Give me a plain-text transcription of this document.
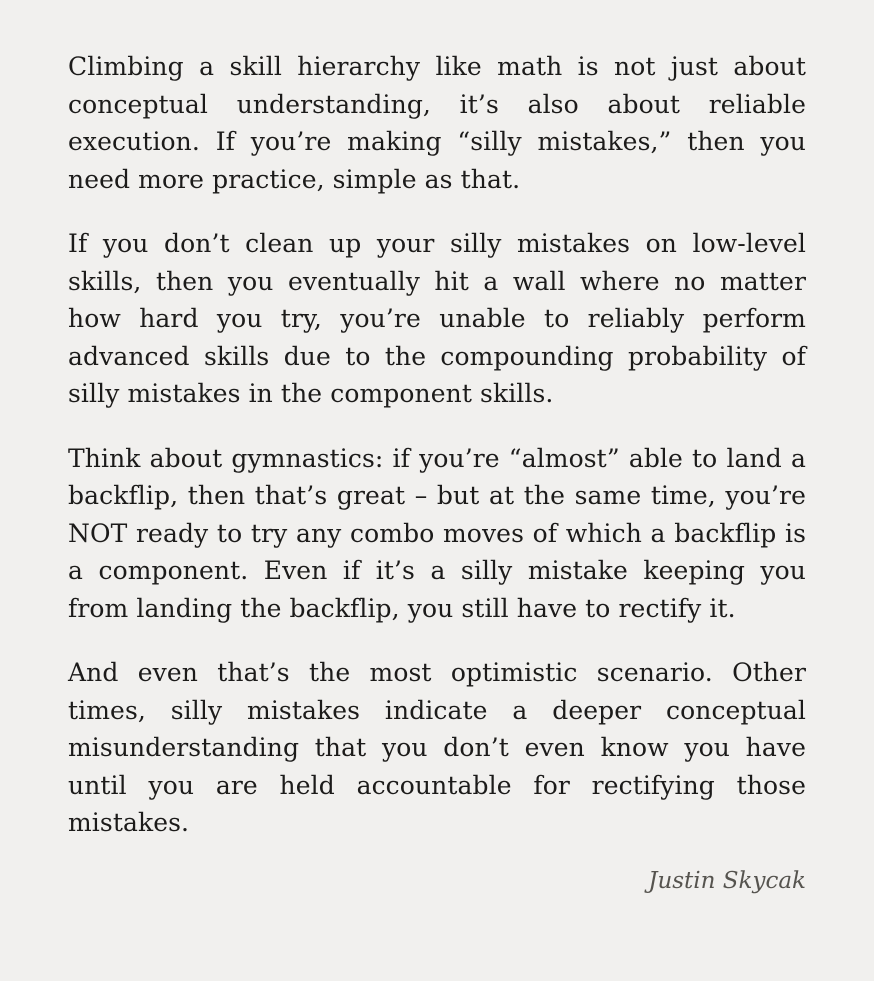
Climbing a skill hierarchy like math is not just about conceptual understanding, it’s also about reliable execution. If you’re making “silly mistakes,” then you need more practice, simple as that.

If you don’t clean up your silly mistakes on low-level skills, then you eventually hit a wall where no matter how hard you try, you’re unable to reliably perform advanced skills due to the compounding probability of silly mistakes in the component skills.

Think about gymnastics: if you’re “almost” able to land a backflip, then that’s great – but at the same time, you’re NOT ready to try any combo moves of which a backflip is a component. Even if it’s a silly mistake keeping you from landing the backflip, you still have to rectify it.

And even that’s the most optimistic scenario. Other times, silly mistakes indicate a deeper conceptual misunderstanding that you don’t even know you have until you are held accountable for rectifying those mistakes.

Justin Skycak
